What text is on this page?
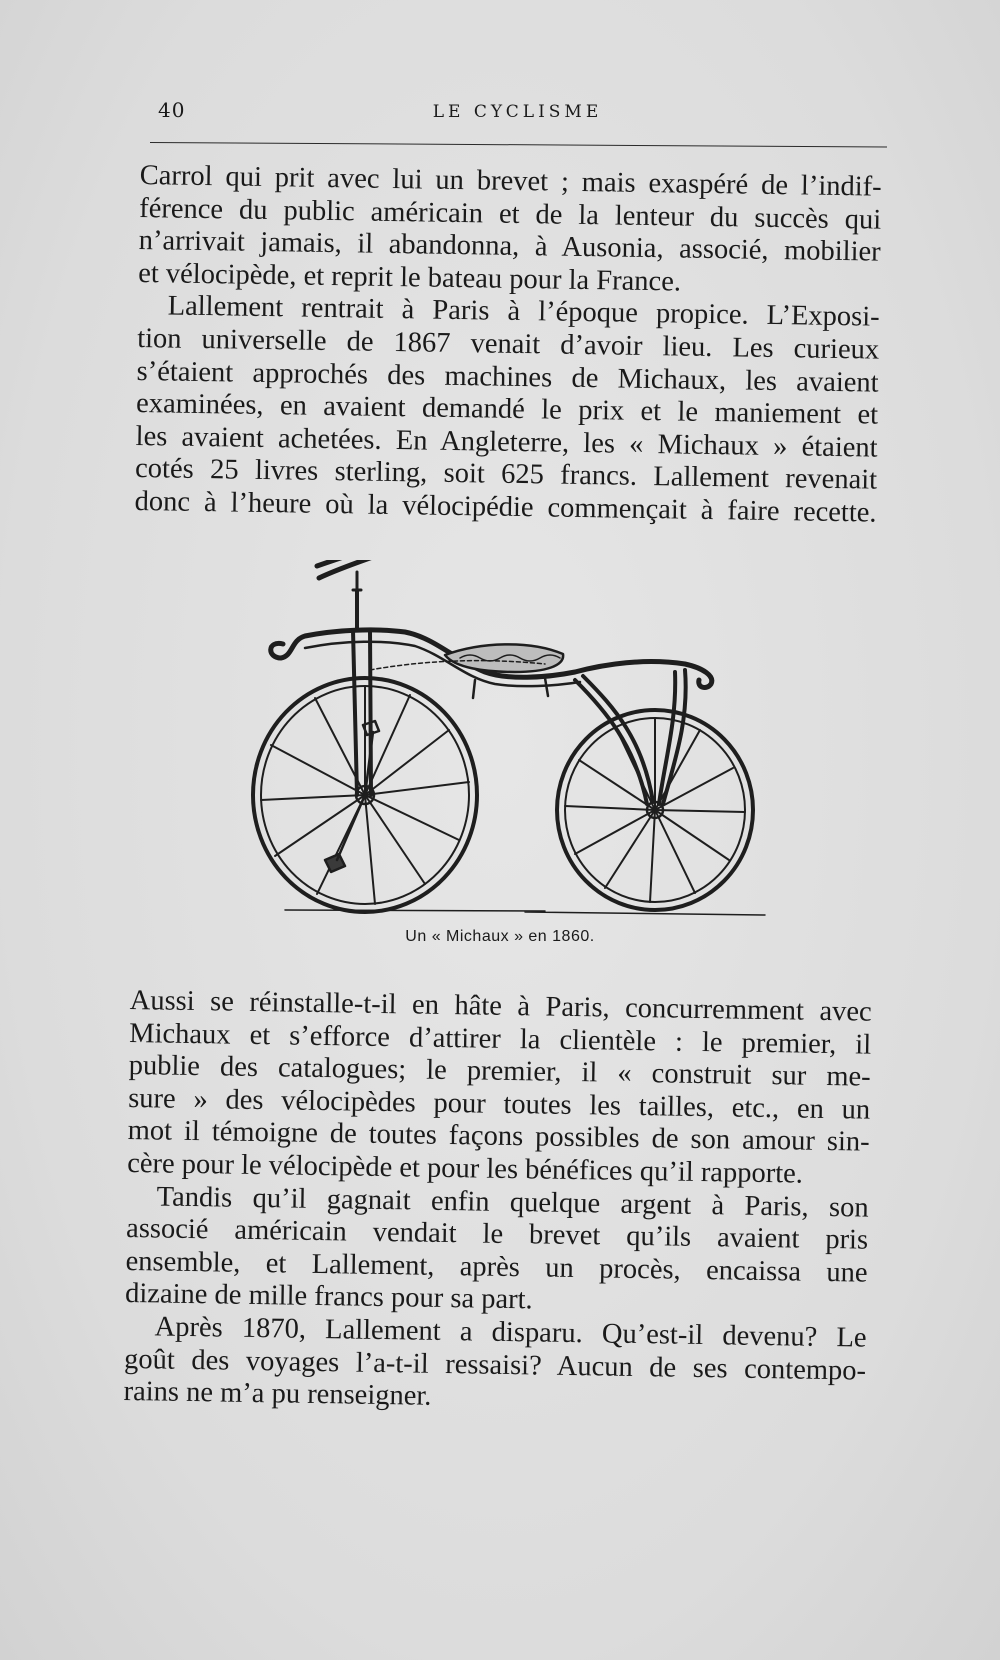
40	LE CYCLISME

Carrol qui prit avec lui un brevet ; mais exaspéré de l’indif-
férence du public américain et de la lenteur du succès qui
n’arrivait jamais, il abandonna, à Ausonia, associé, mobilier
et vélocipède, et reprit le bateau pour la France.

Lallement rentrait à Paris à l’époque propice. L’Exposi-
tion universelle de 1867 venait d’avoir lieu. Les curieux
s’étaient approchés des machines de Michaux, les avaient
examinées, en avaient demandé le prix et le maniement et
les avaient achetées. En Angleterre, les « Michaux » étaient
cotés 25 livres sterling, soit 625 francs. Lallement revenait
donc à l’heure où la vélocipédie commençait à faire recette.

Un « Michaux » en 1860.

Aussi se réinstalle-t-il en hâte à Paris, concurremment avec
Michaux et s’efforce d’attirer la clientèle : le premier, il
publie des catalogues; le premier, il « construit sur me-
sure » des vélocipèdes pour toutes les tailles, etc., en un
mot il témoigne de toutes façons possibles de son amour sin-
cère pour le vélocipède et pour les bénéfices qu’il rapporte.

Tandis qu’il gagnait enfin quelque argent à Paris, son
associé américain vendait le brevet qu’ils avaient pris
ensemble, et Lallement, après un procès, encaissa une
dizaine de mille francs pour sa part.

Après 1870, Lallement a disparu. Qu’est-il devenu? Le
goût des voyages l’a-t-il ressaisi? Aucun de ses contempo-
rains ne m’a pu renseigner.
